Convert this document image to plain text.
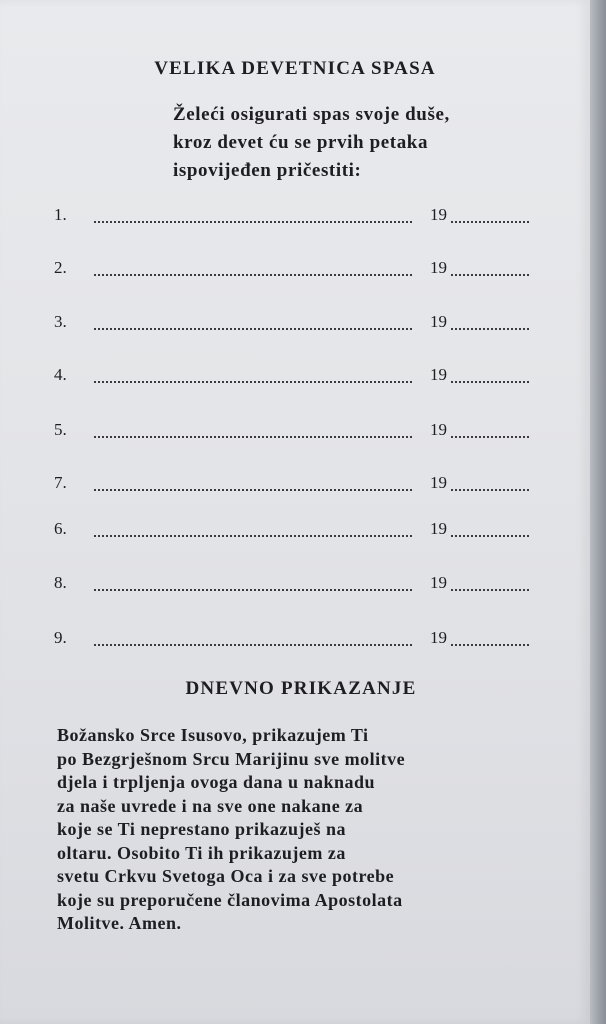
VELIKA DEVETNICA SPASA
Želeći osigurati spas svoje duše,
kroz devet ću se prvih petaka
ispovijeđen pričestiti:
1.	19
2.	19
3.	19
4.	19
5.	19
7.	19
6.	19
8.	19
9.	19
DNEVNO PRIKAZANJE
Božansko Srce Isusovo, prikazujem Ti
po Bezgrješnom Srcu Marijinu sve molitve
djela i trpljenja ovoga dana u naknadu
za naše uvrede i na sve one nakane za
koje se Ti neprestano prikazuješ na
oltaru. Osobito Ti ih prikazujem za
svetu Crkvu Svetoga Oca i za sve potrebe
koje su preporučene članovima Apostolata
Molitve. Amen.
